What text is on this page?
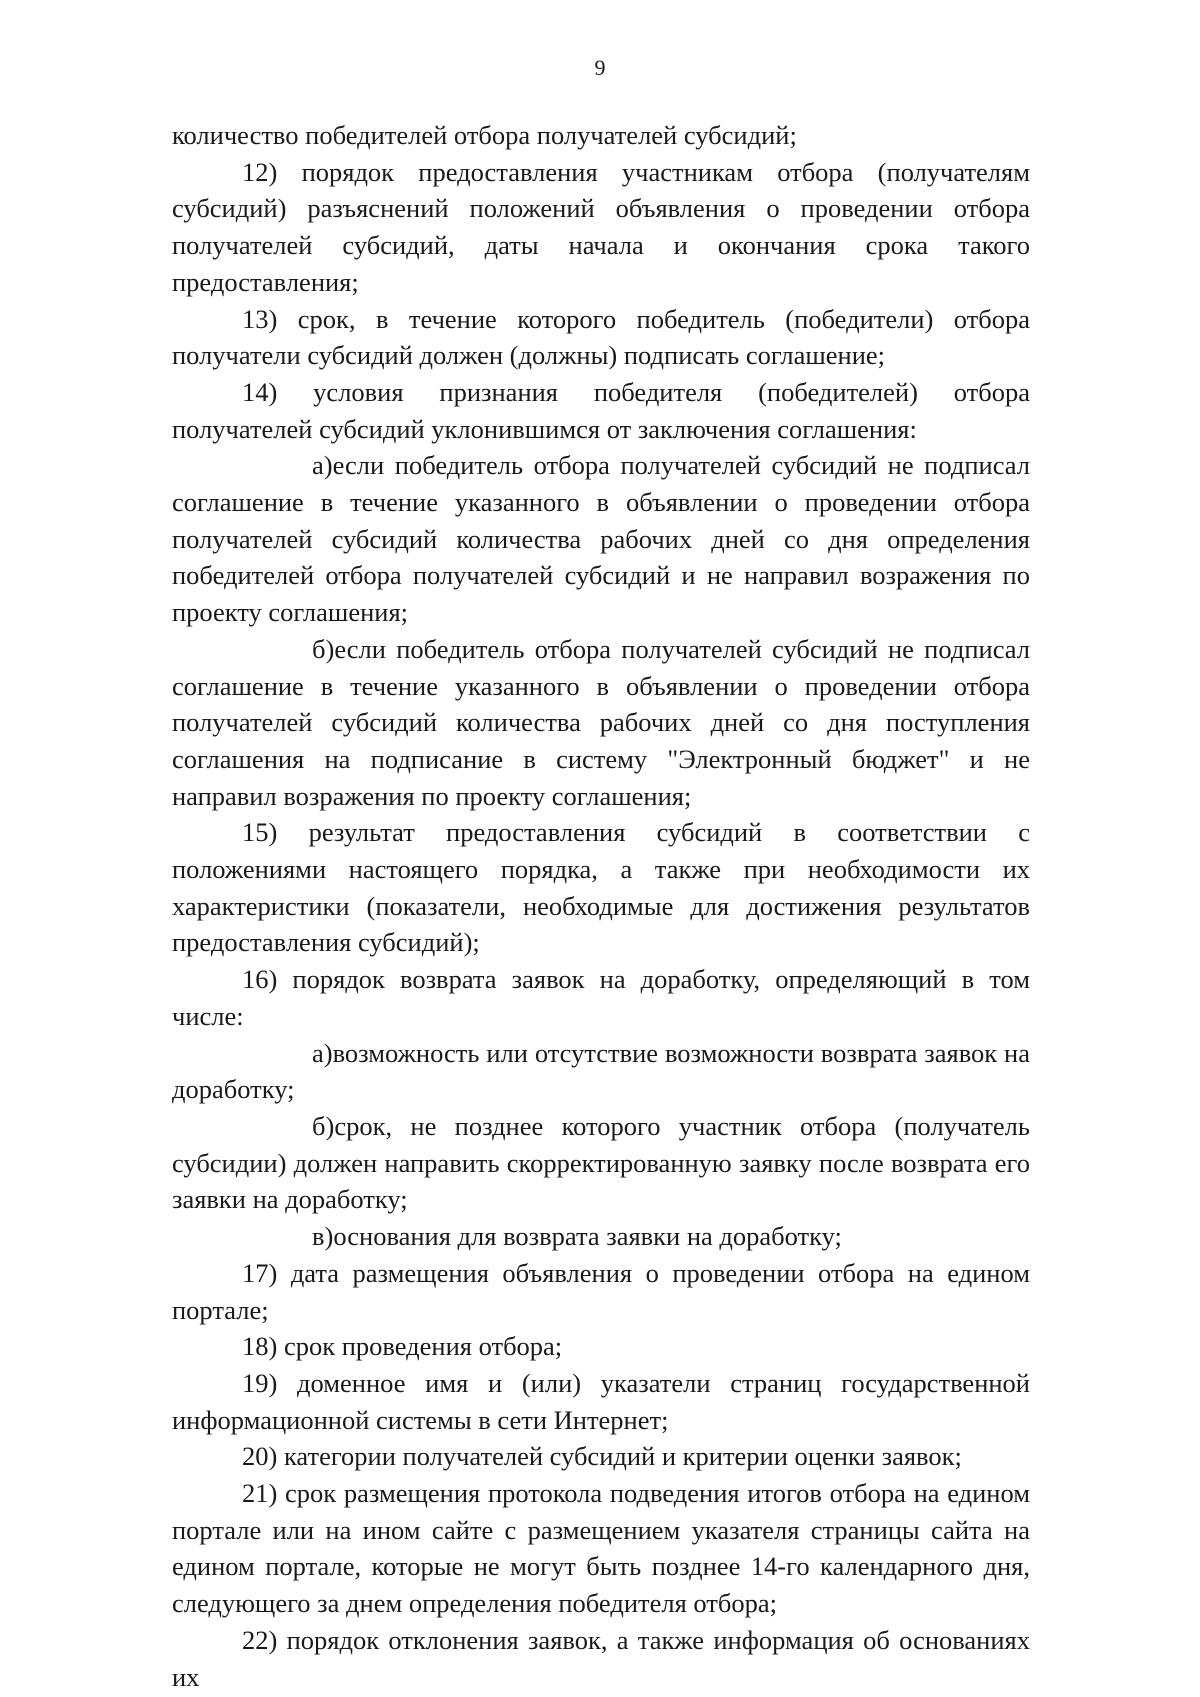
9

количество победителей отбора получателей субсидий;

12) порядок предоставления участникам отбора (получателям субсидий) разъяснений положений объявления о проведении отбора получателей субсидий, даты начала и окончания срока такого предоставления;

13) срок, в течение которого победитель (победители) отбора получатели субсидий должен (должны) подписать соглашение;

14) условия признания победителя (победителей) отбора получателей субсидий уклонившимся от заключения соглашения:

а)если победитель отбора получателей субсидий не подписал соглашение в течение указанного в объявлении о проведении отбора получателей субсидий количества рабочих дней со дня определения победителей отбора получателей субсидий и не направил возражения по проекту соглашения;

б)если победитель отбора получателей субсидий не подписал соглашение в течение указанного в объявлении о проведении отбора получателей субсидий количества рабочих дней со дня поступления соглашения на подписание в систему "Электронный бюджет" и не направил возражения по проекту соглашения;

15) результат предоставления субсидий в соответствии с положениями настоящего порядка, а также при необходимости их характеристики (показатели, необходимые для достижения результатов предоставления субсидий);

16) порядок возврата заявок на доработку, определяющий в том числе:

а)возможность или отсутствие возможности возврата заявок на доработку;

б)срок, не позднее которого участник отбора (получатель субсидии) должен направить скорректированную заявку после возврата его заявки на доработку;

в)основания для возврата заявки на доработку;

17) дата размещения объявления о проведении отбора на едином портале;

18) срок проведения отбора;

19) доменное имя и (или) указатели страниц государственной информационной системы в сети Интернет;

20) категории получателей субсидий и критерии оценки заявок;

21) срок размещения протокола подведения итогов отбора на едином портале или на ином сайте с размещением указателя страницы сайта на едином портале, которые не могут быть позднее 14-го календарного дня, следующего за днем определения победителя отбора;

22) порядок отклонения заявок, а также информация об основаниях их
